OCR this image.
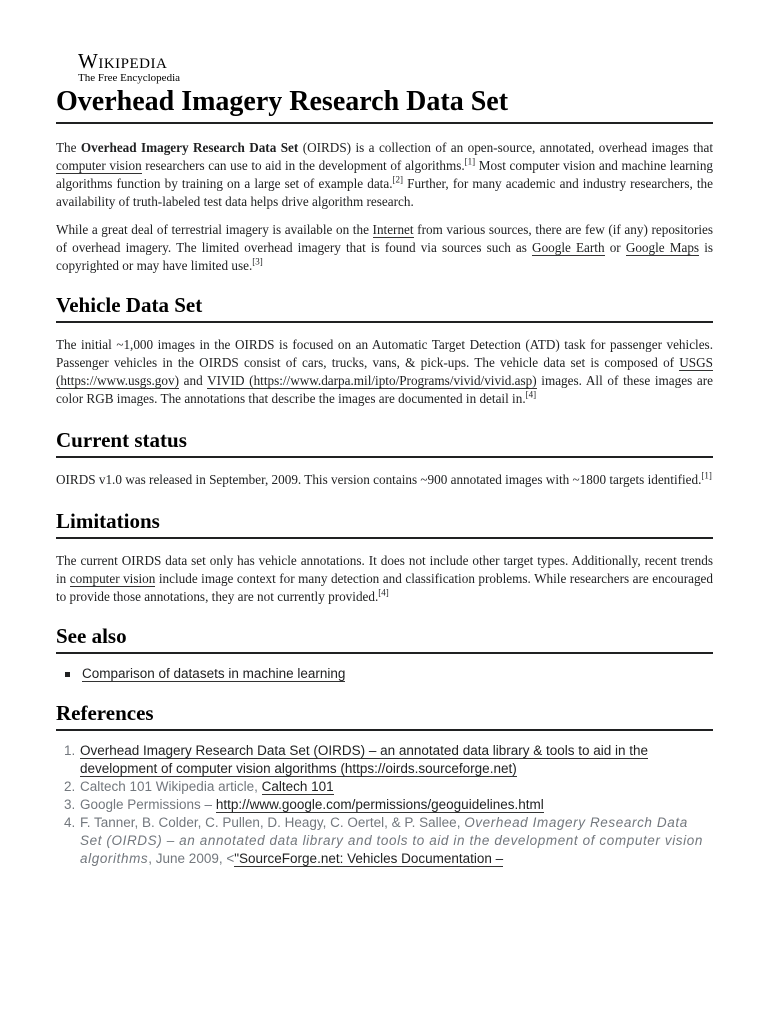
Wikipedia
The Free Encyclopedia
Overhead Imagery Research Data Set

The Overhead Imagery Research Data Set (OIRDS) is a collection of an open-source, annotated, overhead images that computer vision researchers can use to aid in the development of algorithms.[1] Most computer vision and machine learning algorithms function by training on a large set of example data.[2] Further, for many academic and industry researchers, the availability of truth-labeled test data helps drive algorithm research.

While a great deal of terrestrial imagery is available on the Internet from various sources, there are few (if any) repositories of overhead imagery. The limited overhead imagery that is found via sources such as Google Earth or Google Maps is copyrighted or may have limited use.[3]

Vehicle Data Set

The initial ~1,000 images in the OIRDS is focused on an Automatic Target Detection (ATD) task for passenger vehicles. Passenger vehicles in the OIRDS consist of cars, trucks, vans, & pick-ups. The vehicle data set is composed of USGS (https://www.usgs.gov) and VIVID (https://www.darpa.mil/ipto/Programs/vivid/vivid.asp) images. All of these images are color RGB images. The annotations that describe the images are documented in detail in.[4]

Current status

OIRDS v1.0 was released in September, 2009. This version contains ~900 annotated images with ~1800 targets identified.[1]

Limitations

The current OIRDS data set only has vehicle annotations. It does not include other target types. Additionally, recent trends in computer vision include image context for many detection and classification problems. While researchers are encouraged to provide those annotations, they are not currently provided.[4]

See also
Comparison of datasets in machine learning
References
1. Overhead Imagery Research Data Set (OIRDS) – an annotated data library & tools to aid in the development of computer vision algorithms (https://oirds.sourceforge.net)
2. Caltech 101 Wikipedia article, Caltech 101
3. Google Permissions – http://www.google.com/permissions/geoguidelines.html
4. F. Tanner, B. Colder, C. Pullen, D. Heagy, C. Oertel, & P. Sallee, Overhead Imagery Research Data Set (OIRDS) – an annotated data library and tools to aid in the development of computer vision algorithms, June 2009, <"SourceForge.net: Vehicles Documentation –
